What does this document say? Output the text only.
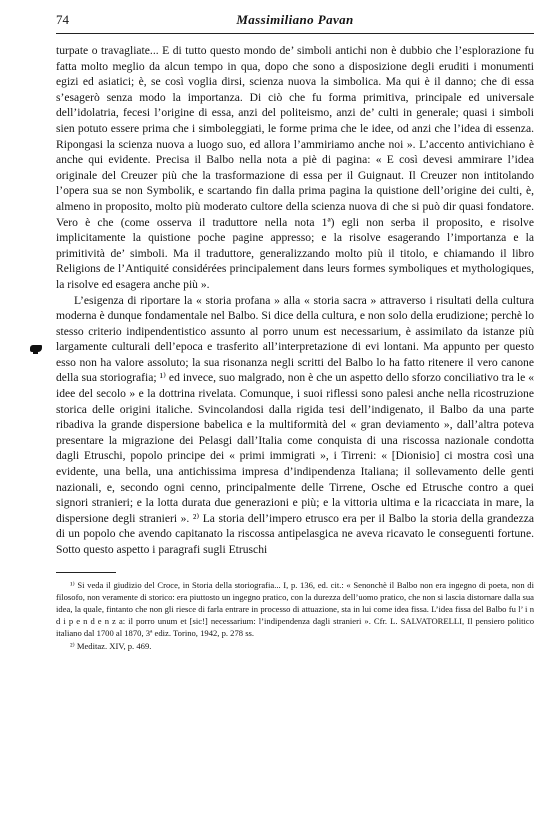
74	Massimiliano Pavan

turpate o travagliate... E di tutto questo mondo de’ simboli antichi non è dubbio che l’esplorazione fu fatta molto meglio da alcun tempo in qua, dopo che sono a disposizione degli eruditi i monumenti egizi ed asiatici; è, se così voglia dirsi, scienza nuova la simbolica. Ma qui è il danno; che di essa s’esagerò senza modo la importanza. Di ciò che fu forma primitiva, principale ed universale dell’idolatria, fecesi l’origine di essa, anzi del politeismo, anzi de’ culti in generale; quasi i simboli sien potuto essere prima che i simboleggiati, le forme prima che le idee, od anzi che l’idea di essenza. Ripongasi la scienza nuova a luogo suo, ed allora l’ammiriamo anche noi ». L’accento antivichiano è anche qui evidente. Precisa il Balbo nella nota a piè di pagina: « E così devesi ammirare l’idea originale del Creuzer più che la trasformazione di essa per il Guignaut. Il Creuzer non intitolando l’opera sua se non Symbolik, e scartando fin dalla prima pagina la quistione dell’origine dei culti, è, almeno in proposito, molto più moderato cultore della scienza nuova di che si può dir quasi fondatore. Vero è che (come osserva il traduttore nella nota 1ª) egli non serba il proposito, e risolve implicitamente la quistione poche pagine appresso; e la risolve esagerando l’importanza e la primitività de’ simboli. Ma il traduttore, generalizzando molto più il titolo, e chiamando il libro Religions de l’Antiquité considérées principalement dans leurs formes symboliques et mythologiques, la risolve ed esagera anche più ».

L’esigenza di riportare la « storia profana » alla « storia sacra » attraverso i risultati della cultura moderna è dunque fondamentale nel Balbo. Si dice della cultura, e non solo della erudizione; perchè lo stesso criterio indipendentistico assunto al porro unum est necessarium, è assimilato da istanze più largamente culturali dell’epoca e trasferito all’interpretazione di evi lontani. Ma appunto per questo esso non ha valore assoluto; la sua risonanza negli scritti del Balbo lo ha fatto ritenere il vero canone della sua storiografia; ¹⁾ ed invece, suo malgrado, non è che un aspetto dello sforzo conciliativo tra le « idee del secolo » e la dottrina rivelata. Comunque, i suoi riflessi sono palesi anche nella ricostruzione storica delle origini italiche. Svincolandosi dalla rigida tesi dell’indigenato, il Balbo da una parte ribadiva la grande dispersione babelica e la multiformità del « gran deviamento », dall’altra poteva presentare la migrazione dei Pelasgi dall’Italia come conquista di una riscossa nazionale condotta dagli Etruschi, popolo principe dei « primi immigrati », i Tirreni: « [Dionisio] ci mostra così una evidente, una bella, una antichissima impresa d’indipendenza Italiana; il sollevamento delle genti nazionali, e, secondo ogni cenno, principalmente delle Tirrene, Osche ed Etrusche contro a quei signori stranieri; e la lotta durata due generazioni e più; e la vittoria ultima e la ricacciata in mare, la dispersione degli stranieri ». ²⁾ La storia dell’impero etrusco era per il Balbo la storia della grandezza di un popolo che avendo capitanato la riscossa antipelasgica ne aveva ricavato le conseguenti fortune. Sotto questo aspetto i paragrafi sugli Etruschi

¹⁾ Si veda il giudizio del Croce, in Storia della storiografia... I, p. 136, ed. cit.: « Senonchè il Balbo non era ingegno di poeta, non di filosofo, non veramente di storico: era piuttosto un ingegno pratico, con la durezza dell’uomo pratico, che non si lascia distornare dalla sua idea, la quale, fintanto che non gli riesce di farla entrare in processo di attuazione, sta in lui come idea fissa. L’idea fissa del Balbo fu l’ i n d i p e n d e n z a: il porro unum et [sic!] necessarium: l’indipendenza dagli stranieri ». Cfr. L. SALVATORELLI, Il pensiero politico italiano dal 1700 al 1870, 3ª ediz. Torino, 1942, p. 278 ss.

²⁾ Meditaz. XIV, p. 469.
